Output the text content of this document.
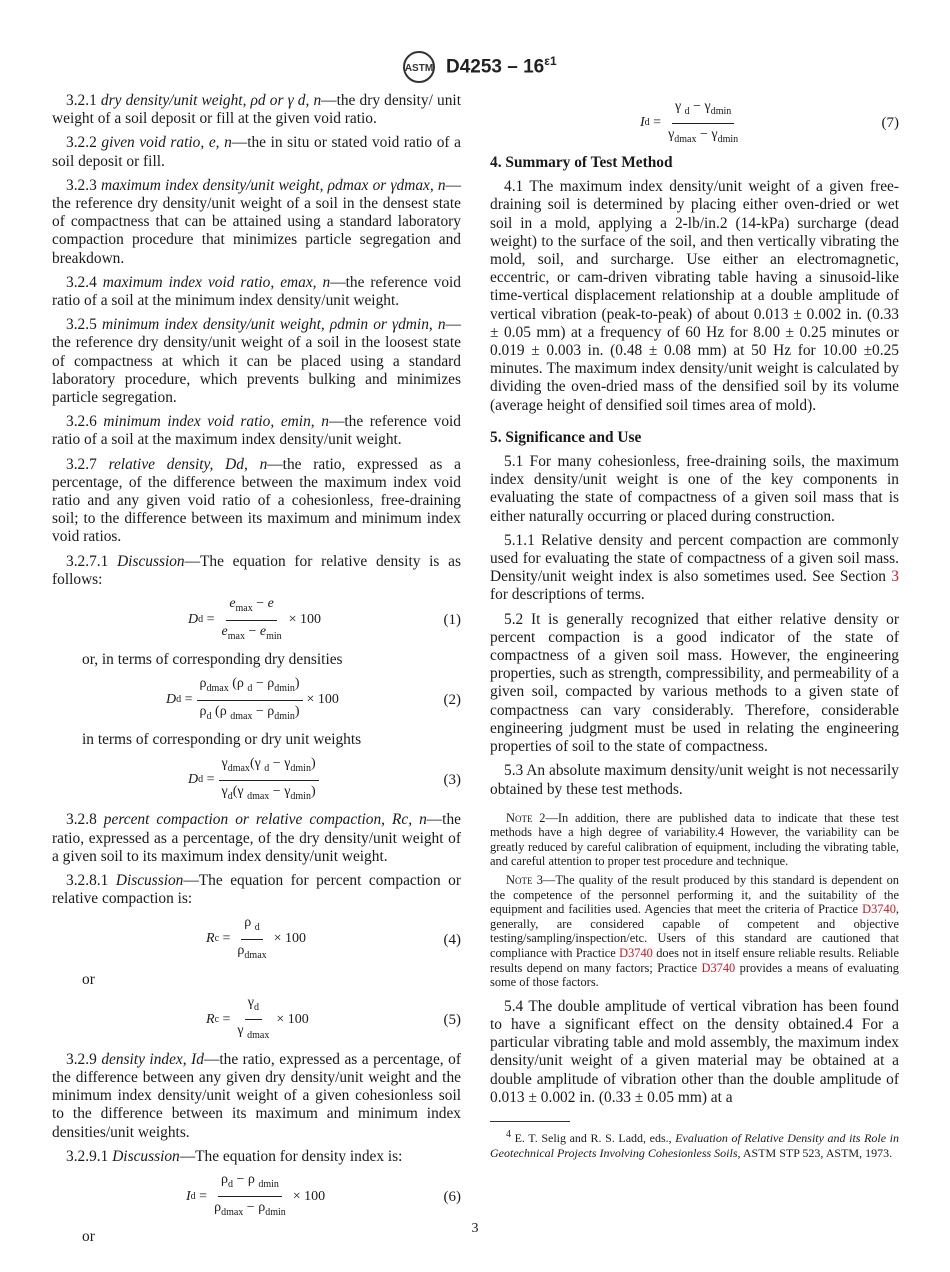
ASTM $D4253 - 16^{\varepsilon 1}$

3.2.1 dry density/unit weight, ρd or γ d, n—the dry density/ unit weight of a soil deposit or fill at the given void ratio.

3.2.2 given void ratio, e, n—the in situ or stated void ratio of a soil deposit or fill.

3.2.3 maximum index density/unit weight, ρdmax or γdmax, n—the reference dry density/unit weight of a soil in the densest state of compactness that can be attained using a standard laboratory compaction procedure that minimizes particle segregation and breakdown.

3.2.4 maximum index void ratio, emax, n—the reference void ratio of a soil at the minimum index density/unit weight.

3.2.5 minimum index density/unit weight, ρdmin or γdmin, n—the reference dry density/unit weight of a soil in the loosest state of compactness at which it can be placed using a standard laboratory procedure, which prevents bulking and minimizes particle segregation.

3.2.6 minimum index void ratio, emin, n—the reference void ratio of a soil at the maximum index density/unit weight.

3.2.7 relative density, Dd, n—the ratio, expressed as a percentage, of the difference between the maximum index void ratio and any given void ratio of a cohesionless, free-draining soil; to the difference between its maximum and minimum index void ratios.

3.2.7.1 Discussion—The equation for relative density is as follows:

D $d = \frac{e_{max} - e}{e_{max} - e_{min}} \times 100$	(1)

or, in terms of corresponding dry densities

D $d = \frac{\rho_{dmax} (\rho _d - \rho_{dmin})}{\rho_d (\rho _{dmax} - \rho_{dmin})} \times 100$	(2)

in terms of corresponding or dry unit weights

D $d = \frac{\gamma_{dmax}(\gamma _d - \gamma_{dmin})}{\gamma_d(\gamma _{dmax} - \gamma_{dmin})}$	(3)

3.2.8 percent compaction or relative compaction, Rc, n—the ratio, expressed as a percentage, of the dry density/unit weight of a given soil to its maximum index density/unit weight.

3.2.8.1 Discussion—The equation for percent compaction or relative compaction is:

R $c = \frac{\rho _d}{\rho_{dmax}} \times 100$	(4)

or

R $c = \frac{\gamma_d}{\gamma _{dmax}} \times 100$	(5)

3.2.9 density index, Id—the ratio, expressed as a percentage, of the difference between any given dry density/unit weight and the minimum index density/unit weight of a given cohesionless soil to the difference between its maximum and minimum index densities/unit weights.

3.2.9.1 Discussion—The equation for density index is:

I $d = \frac{\rho_d - \rho _{dmin}}{\rho_{dmax} - \rho_{dmin}} \times 100$	(6)

or

I $d = \frac{\gamma _d - \gamma_{dmin}}{\gamma_{dmax} - \gamma_{dmin}}$	(7)
4. Summary of Test Method

4.1 The maximum index density/unit weight of a given free-draining soil is determined by placing either oven-dried or wet soil in a mold, applying a 2-lb/in.2 (14-kPa) surcharge (dead weight) to the surface of the soil, and then vertically vibrating the mold, soil, and surcharge. Use either an electromagnetic, eccentric, or cam-driven vibrating table having a sinusoid-like time-vertical displacement relationship at a double amplitude of vertical vibration (peak-to-peak) of about 0.013 ± 0.002 in. (0.33 ± 0.05 mm) at a frequency of 60 Hz for 8.00 ± 0.25 minutes or 0.019 ± 0.003 in. (0.48 ± 0.08 mm) at 50 Hz for 10.00 ±0.25 minutes. The maximum index density/unit weight is calculated by dividing the oven-dried mass of the densified soil by its volume (average height of densified soil times area of mold).

5. Significance and Use

5.1 For many cohesionless, free-draining soils, the maximum index density/unit weight is one of the key components in evaluating the state of compactness of a given soil mass that is either naturally occurring or placed during construction.

5.1.1 Relative density and percent compaction are commonly used for evaluating the state of compactness of a given soil mass. Density/unit weight index is also sometimes used. See Section 3 for descriptions of terms.

5.2 It is generally recognized that either relative density or percent compaction is a good indicator of the state of compactness of a given soil mass. However, the engineering properties, such as strength, compressibility, and permeability of a given soil, compacted by various methods to a given state of compactness can vary considerably. Therefore, considerable engineering judgment must be used in relating the engineering properties of soil to the state of compactness.

5.3 An absolute maximum density/unit weight is not necessarily obtained by these test methods.

Note 2—In addition, there are published data to indicate that these test methods have a high degree of variability.4 However, the variability can be greatly reduced by careful calibration of equipment, including the vibrating table, and careful attention to proper test procedure and technique.

Note 3—The quality of the result produced by this standard is dependent on the competence of the personnel performing it, and the suitability of the equipment and facilities used. Agencies that meet the criteria of Practice D3740, generally, are considered capable of competent and objective testing/sampling/inspection/etc. Users of this standard are cautioned that compliance with Practice D3740 does not in itself ensure reliable results. Reliable results depend on many factors; Practice D3740 provides a means of evaluating some of those factors.

5.4 The double amplitude of vertical vibration has been found to have a significant effect on the density obtained.4 For a particular vibrating table and mold assembly, the maximum index density/unit weight of a given material may be obtained at a double amplitude of vibration other than the double amplitude of 0.013 ± 0.002 in. (0.33 ± 0.05 mm) at a

$^4$ E. T. Selig and R. S. Ladd, eds., Evaluation of Relative Density and its Role in Geotechnical Projects Involving Cohesionless Soils, ASTM STP 523, ASTM, 1973.

3
